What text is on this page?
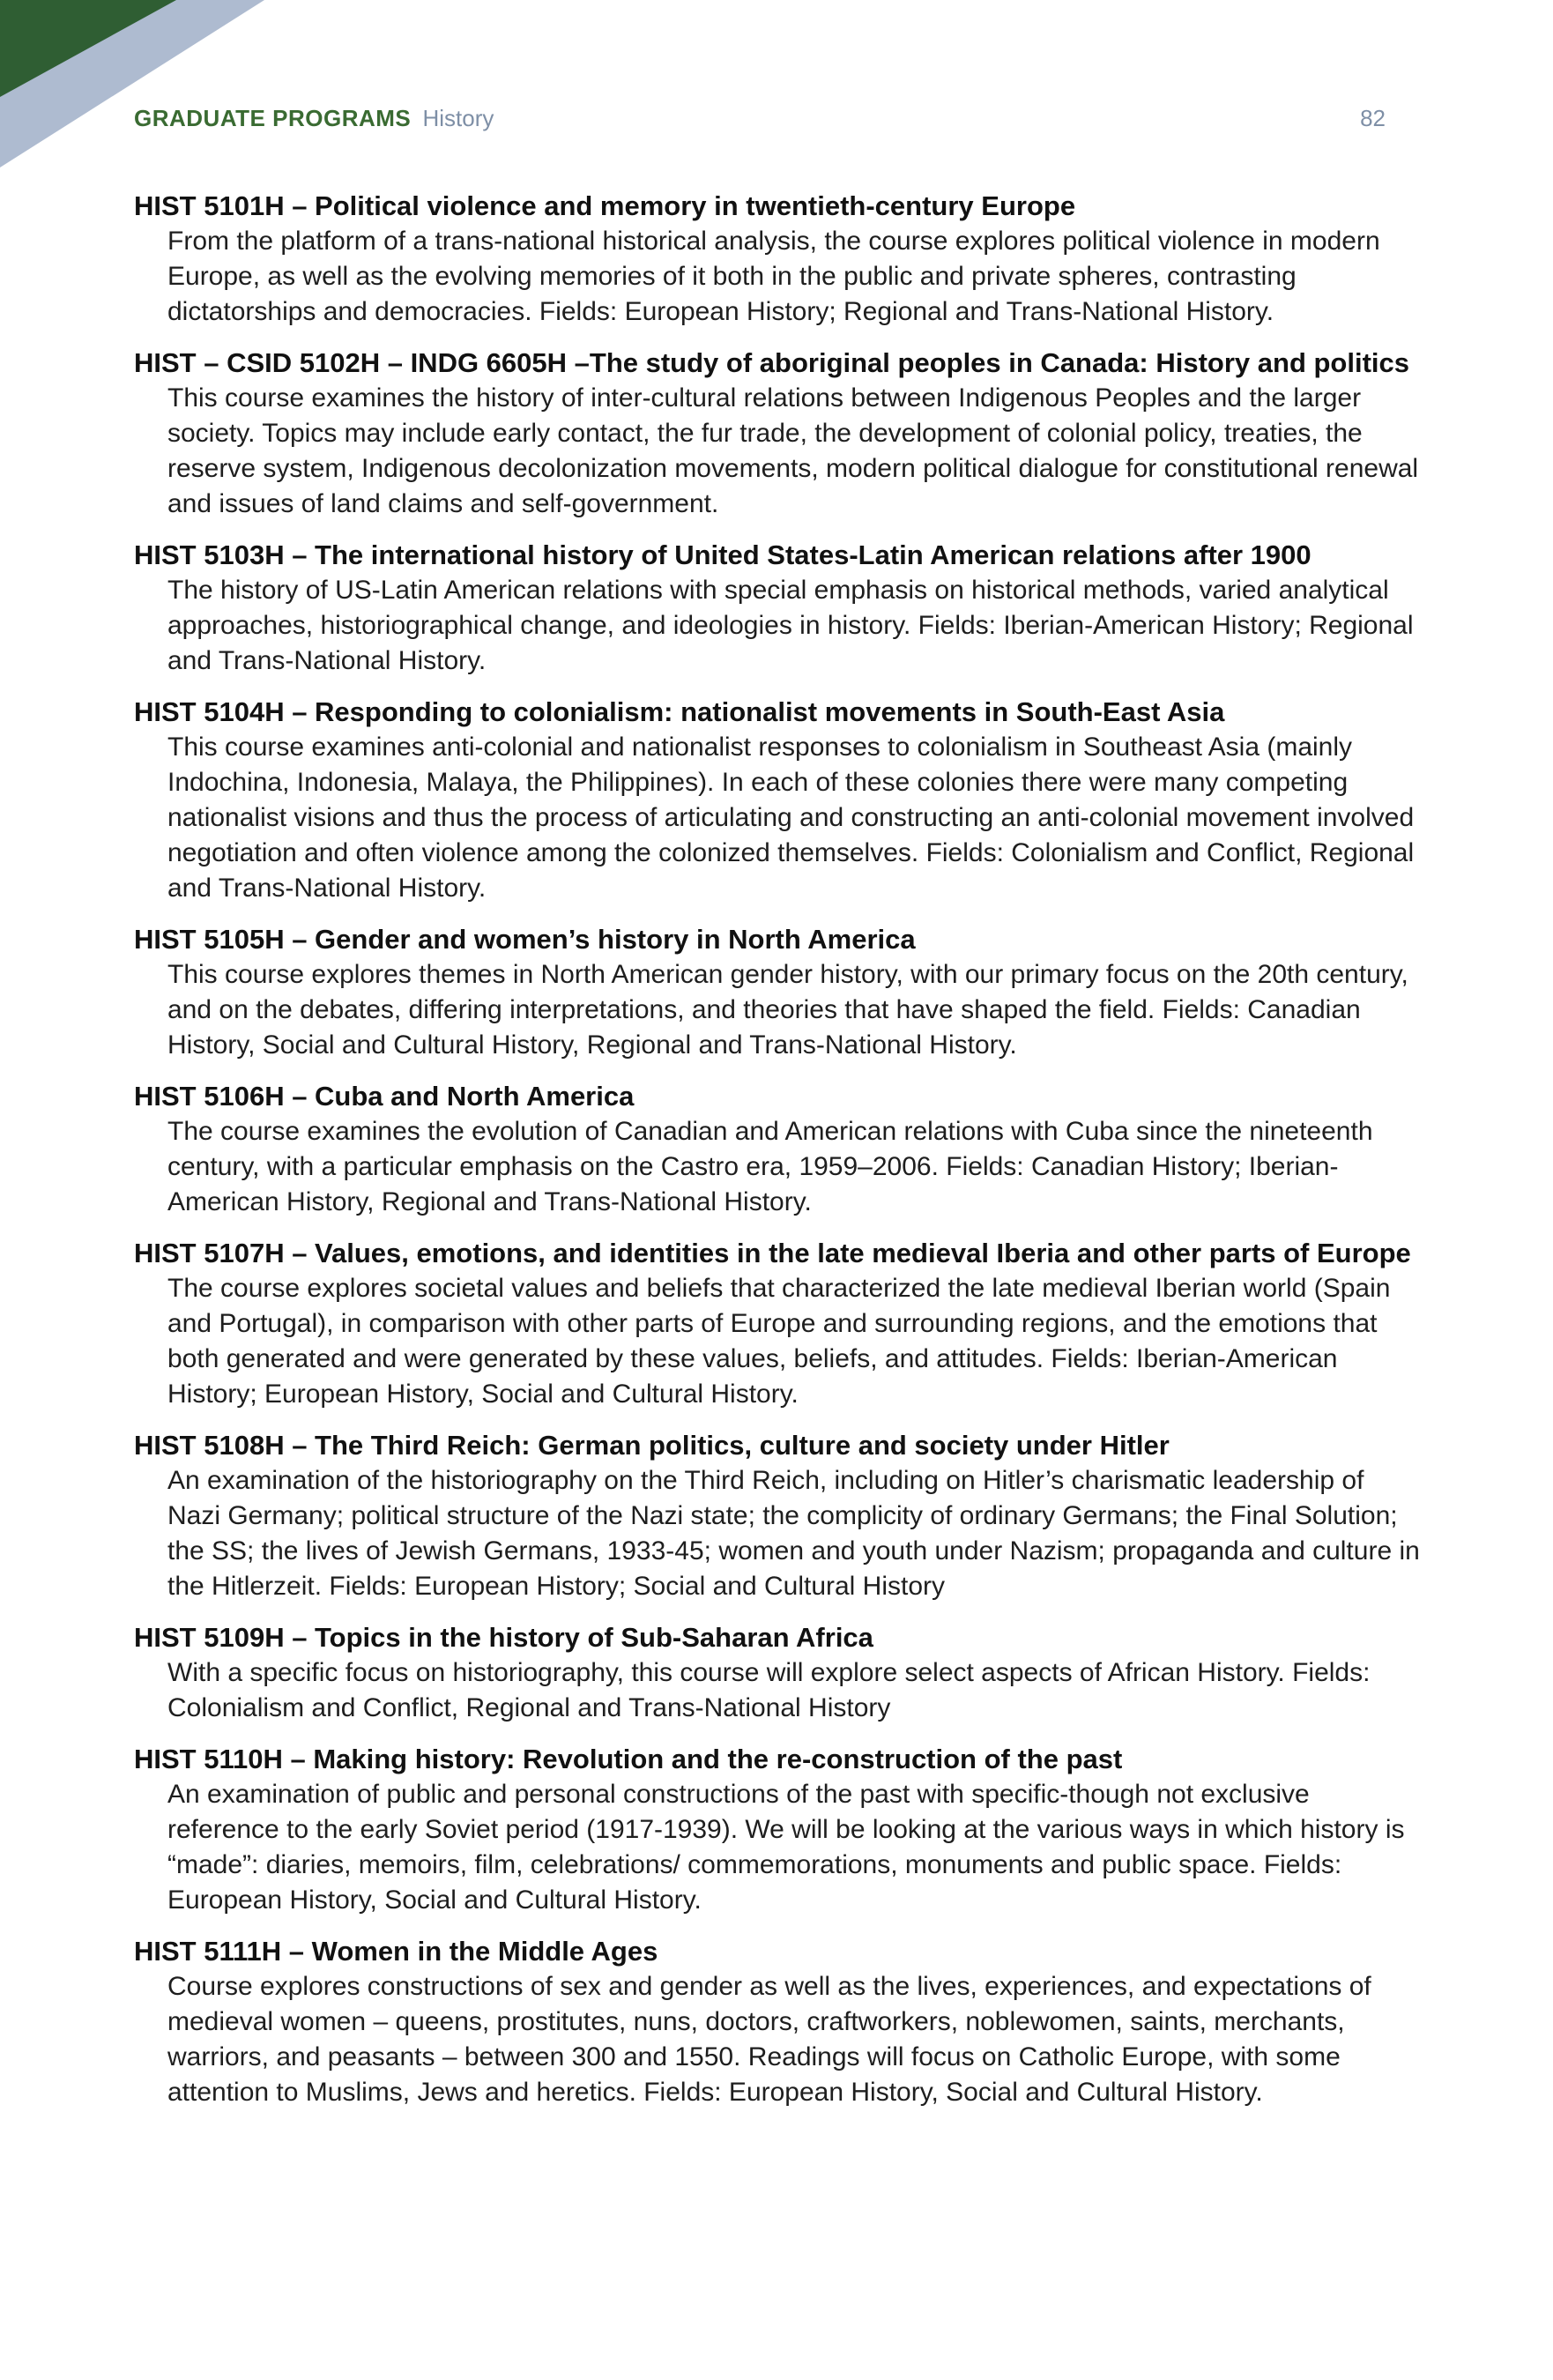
GRADUATE PROGRAMS History	82

HIST 5101H – Political violence and memory in twentieth-century Europe

From the platform of a trans-national historical analysis, the course explores political violence in modern Europe, as well as the evolving memories of it both in the public and private spheres, contrasting dictatorships and democracies. Fields: European History; Regional and Trans-National History.

HIST – CSID 5102H – INDG 6605H –The study of aboriginal peoples in Canada: History and politics

This course examines the history of inter-cultural relations between Indigenous Peoples and the larger society. Topics may include early contact, the fur trade, the development of colonial policy, treaties, the reserve system, Indigenous decolonization movements, modern political dialogue for constitutional renewal and issues of land claims and self-government.

HIST 5103H – The international history of United States-Latin American relations after 1900

The history of US-Latin American relations with special emphasis on historical methods, varied analytical approaches, historiographical change, and ideologies in history. Fields: Iberian-American History; Regional and Trans-National History.

HIST 5104H – Responding to colonialism: nationalist movements in South-East Asia

This course examines anti-colonial and nationalist responses to colonialism in Southeast Asia (mainly Indochina, Indonesia, Malaya, the Philippines). In each of these colonies there were many competing nationalist visions and thus the process of articulating and constructing an anti-colonial movement involved negotiation and often violence among the colonized themselves. Fields: Colonialism and Conflict, Regional and Trans-National History.

HIST 5105H – Gender and women’s history in North America

This course explores themes in North American gender history, with our primary focus on the 20th century, and on the debates, differing interpretations, and theories that have shaped the field. Fields: Canadian History, Social and Cultural History, Regional and Trans-National History.

HIST 5106H – Cuba and North America

The course examines the evolution of Canadian and American relations with Cuba since the nineteenth century, with a particular emphasis on the Castro era, 1959–2006. Fields: Canadian History; Iberian-American History, Regional and Trans-National History.

HIST 5107H – Values, emotions, and identities in the late medieval Iberia and other parts of Europe

The course explores societal values and beliefs that characterized the late medieval Iberian world (Spain and Portugal), in comparison with other parts of Europe and surrounding regions, and the emotions that both generated and were generated by these values, beliefs, and attitudes. Fields: Iberian-American History; European History, Social and Cultural History.

HIST 5108H – The Third Reich: German politics, culture and society under Hitler

An examination of the historiography on the Third Reich, including on Hitler’s charismatic leadership of Nazi Germany; political structure of the Nazi state; the complicity of ordinary Germans; the Final Solution; the SS; the lives of Jewish Germans, 1933-45; women and youth under Nazism; propaganda and culture in the Hitlerzeit. Fields: European History; Social and Cultural History

HIST 5109H – Topics in the history of Sub-Saharan Africa

With a specific focus on historiography, this course will explore select aspects of African History. Fields: Colonialism and Conflict, Regional and Trans-National History

HIST 5110H – Making history: Revolution and the re-construction of the past

An examination of public and personal constructions of the past with specific-though not exclusive reference to the early Soviet period (1917-1939). We will be looking at the various ways in which history is “made”: diaries, memoirs, film, celebrations/ commemorations, monuments and public space. Fields: European History, Social and Cultural History.

HIST 5111H – Women in the Middle Ages

Course explores constructions of sex and gender as well as the lives, experiences, and expectations of medieval women – queens, prostitutes, nuns, doctors, craftworkers, noblewomen, saints, merchants, warriors, and peasants – between 300 and 1550. Readings will focus on Catholic Europe, with some attention to Muslims, Jews and heretics. Fields: European History, Social and Cultural History.
